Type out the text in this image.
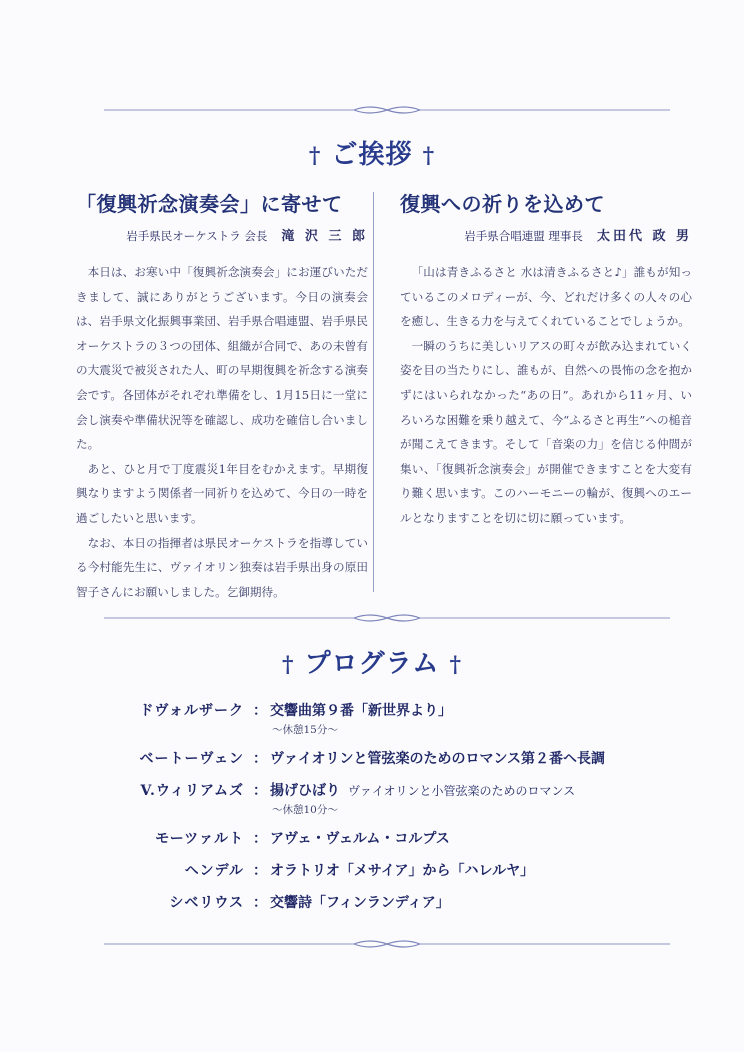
† ご挨拶 †
「復興祈念演奏会」に寄せて
岩手県民オーケストラ 会長 滝 沢 三 郎

本日は、お寒い中「復興祈念演奏会」にお運びいただきまして、誠にありがとうございます。今日の演奏会は、岩手県文化振興事業団、岩手県合唱連盟、岩手県民オーケストラの３つの団体、組織が合同で、あの未曾有の大震災で被災された人、町の早期復興を祈念する演奏会です。各団体がそれぞれ準備をし、1月15日に一堂に会し演奏や準備状況等を確認し、成功を確信し合いました。

あと、ひと月で丁度震災1年目をむかえます。早期復興なりますよう関係者一同祈りを込めて、今日の一時を過ごしたいと思います。

なお、本日の指揮者は県民オーケストラを指導している今村能先生に、ヴァイオリン独奏は岩手県出身の原田智子さんにお願いしました。乞御期待。

復興への祈りを込めて
岩手県合唱連盟 理事長 太田代 政 男

「山は青きふるさと 水は清きふるさと♪」誰もが知っているこのメロディーが、今、どれだけ多くの人々の心を癒し、生きる力を与えてくれていることでしょうか。

一瞬のうちに美しいリアスの町々が飲み込まれていく姿を目の当たりにし、誰もが、自然への畏怖の念を抱かずにはいられなかった“あの日”。あれから11ヶ月、いろいろな困難を乗り越えて、今“ふるさと再生”への槌音が聞こえてきます。そして「音楽の力」を信じる仲間が集い、「復興祈念演奏会」が開催できますことを大変有り難く思います。このハーモニーの輪が、復興へのエールとなりますことを切に切に願っています。

† プログラム †
ドヴォルザーク ： 交響曲第９番「新世界より」
〜休憩15分〜
ベートーヴェン ： ヴァイオリンと管弦楽のためのロマンス第２番ヘ長調
V.ウィリアムズ ： 揚げひばり ヴァイオリンと小管弦楽のためのロマンス
〜休憩10分〜
モーツァルト ： アヴェ・ヴェルム・コルプス
ヘンデル ： オラトリオ「メサイア」から「ハレルヤ」
シベリウス ： 交響詩「フィンランディア」
